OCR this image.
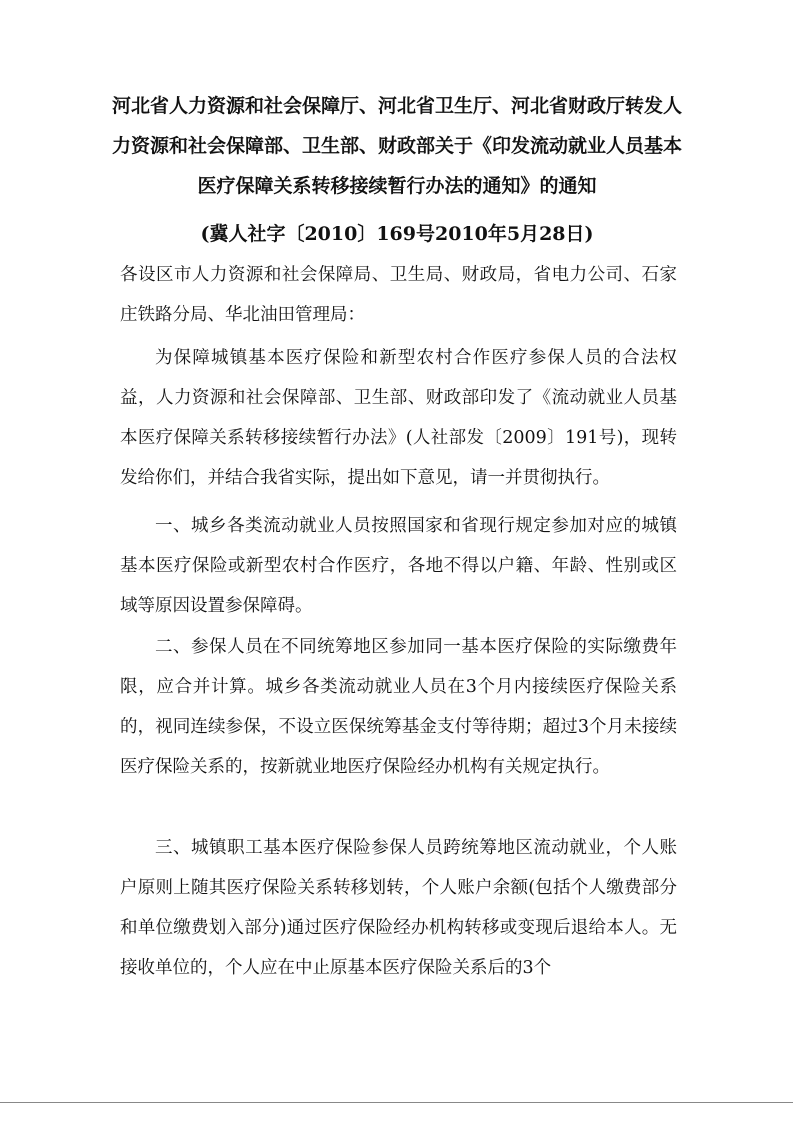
河北省人力资源和社会保障厅、河北省卫生厅、河北省财政厅转发人力资源和社会保障部、卫生部、财政部关于《印发流动就业人员基本医疗保障关系转移接续暂行办法的通知》的通知

(冀人社字〔2010〕169号2010年5月28日)

各设区市人力资源和社会保障局、卫生局、财政局，省电力公司、石家庄铁路分局、华北油田管理局：

为保障城镇基本医疗保险和新型农村合作医疗参保人员的合法权益，人力资源和社会保障部、卫生部、财政部印发了《流动就业人员基本医疗保障关系转移接续暂行办法》(人社部发〔2009〕191号)，现转发给你们，并结合我省实际，提出如下意见，请一并贯彻执行。

一、城乡各类流动就业人员按照国家和省现行规定参加对应的城镇基本医疗保险或新型农村合作医疗，各地不得以户籍、年龄、性别或区域等原因设置参保障碍。

二、参保人员在不同统筹地区参加同一基本医疗保险的实际缴费年限，应合并计算。城乡各类流动就业人员在3个月内接续医疗保险关系的，视同连续参保，不设立医保统筹基金支付等待期；超过3个月未接续医疗保险关系的，按新就业地医疗保险经办机构有关规定执行。

三、城镇职工基本医疗保险参保人员跨统筹地区流动就业，个人账户原则上随其医疗保险关系转移划转，个人账户余额(包括个人缴费部分和单位缴费划入部分)通过医疗保险经办机构转移或变现后退给本人。无接收单位的，个人应在中止原基本医疗保险关系后的3个
